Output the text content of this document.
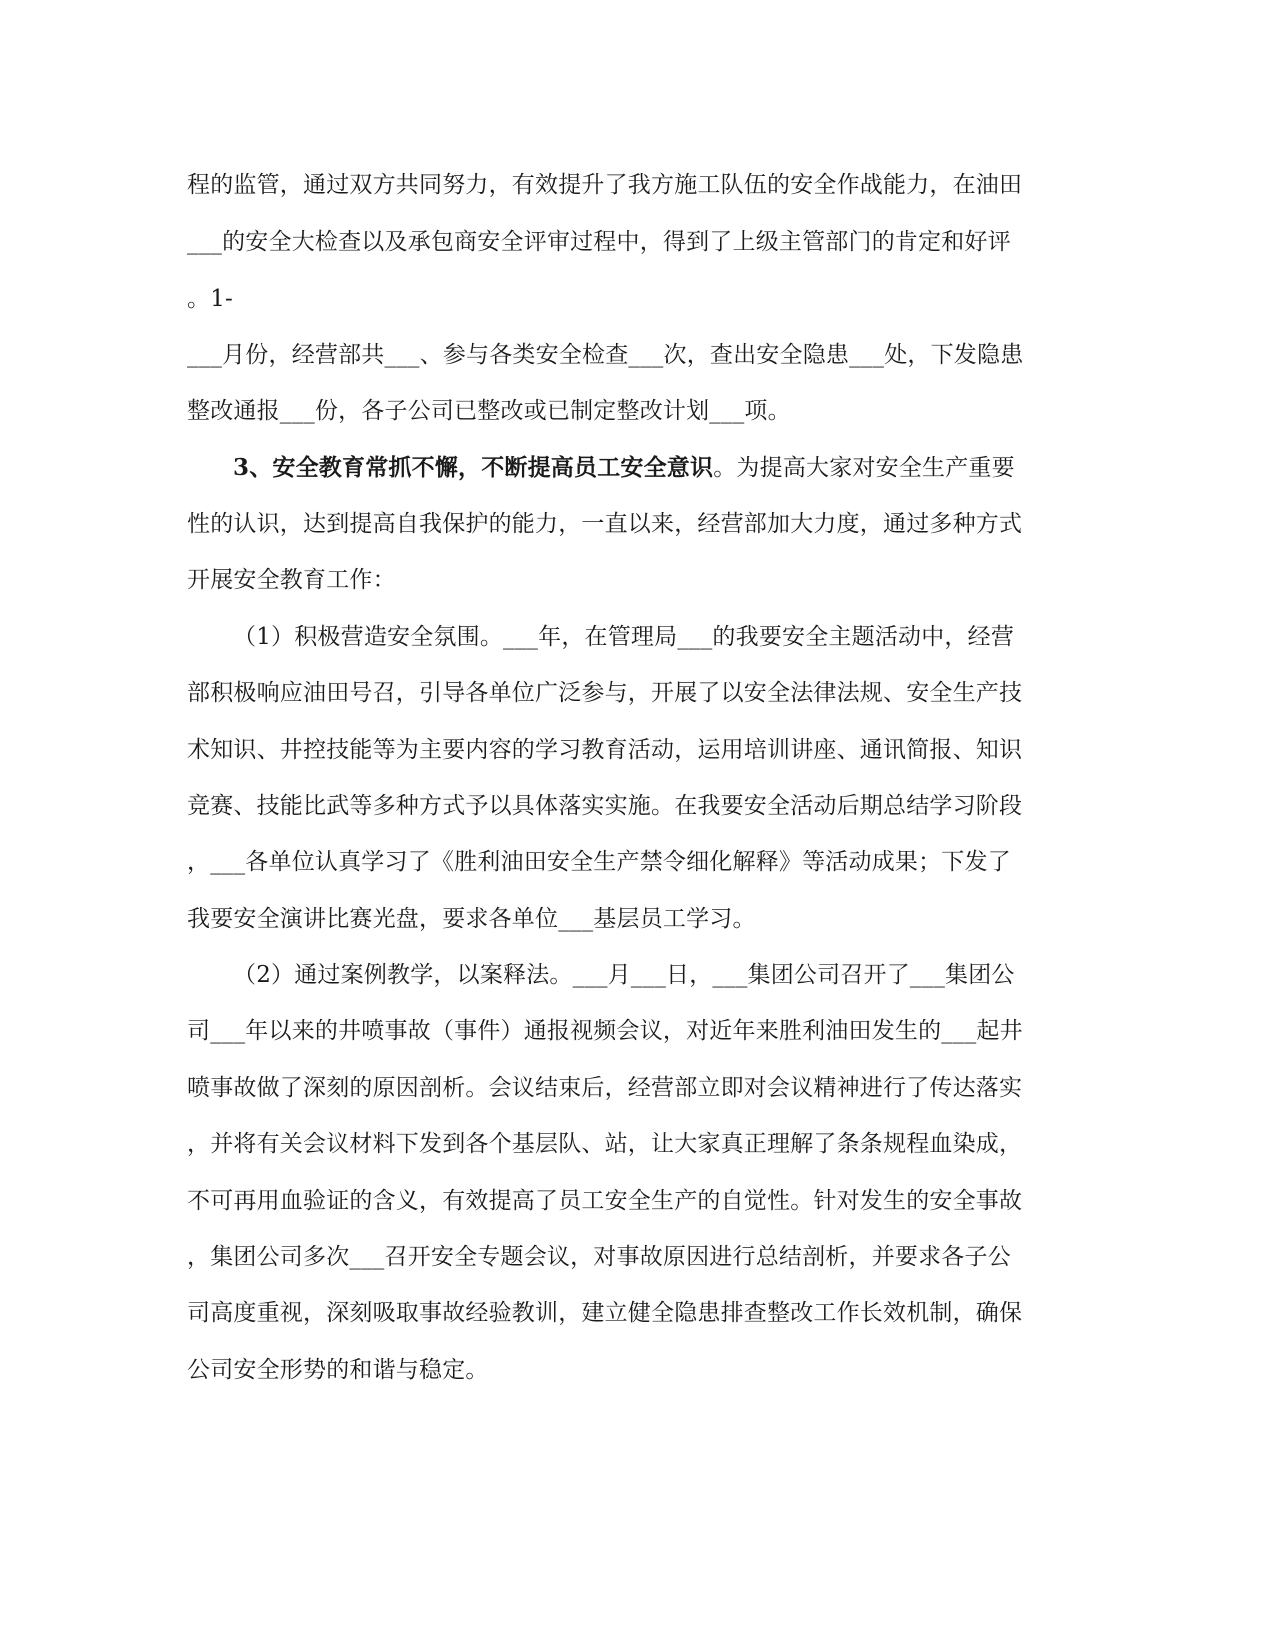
程的监管，通过双方共同努力，有效提升了我方施工队伍的安全作战能力，在油田
___的安全大检查以及承包商安全评审过程中，得到了上级主管部门的肯定和好评
。1-
___月份，经营部共___、参与各类安全检查___次，查出安全隐患___处，下发隐患
整改通报___份，各子公司已整改或已制定整改计划___项。
3、安全教育常抓不懈，不断提高员工安全意识。为提高大家对安全生产重要
性的认识，达到提高自我保护的能力，一直以来，经营部加大力度，通过多种方式
开展安全教育工作：
（1）积极营造安全氛围。___年，在管理局___的我要安全主题活动中，经营
部积极响应油田号召，引导各单位广泛参与，开展了以安全法律法规、安全生产技
术知识、井控技能等为主要内容的学习教育活动，运用培训讲座、通讯简报、知识
竞赛、技能比武等多种方式予以具体落实实施。在我要安全活动后期总结学习阶段
，___各单位认真学习了《胜利油田安全生产禁令细化解释》等活动成果；下发了
我要安全演讲比赛光盘，要求各单位___基层员工学习。
（2）通过案例教学，以案释法。___月___日，___集团公司召开了___集团公
司___年以来的井喷事故（事件）通报视频会议，对近年来胜利油田发生的___起井
喷事故做了深刻的原因剖析。会议结束后，经营部立即对会议精神进行了传达落实
，并将有关会议材料下发到各个基层队、站，让大家真正理解了条条规程血染成，
不可再用血验证的含义，有效提高了员工安全生产的自觉性。针对发生的安全事故
，集团公司多次___召开安全专题会议，对事故原因进行总结剖析，并要求各子公
司高度重视，深刻吸取事故经验教训，建立健全隐患排查整改工作长效机制，确保
公司安全形势的和谐与稳定。
